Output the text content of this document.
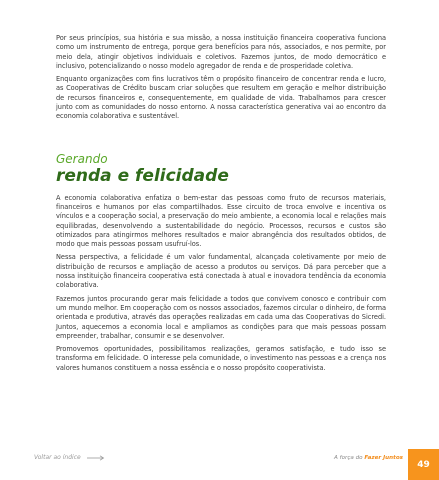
Por seus princípios, sua história e sua missão, a nossa instituição financeira cooperativa funciona como um instrumento de entrega, porque gera benefícios para nós, associados, e nos permite, por meio dela, atingir objetivos individuais e coletivos. Fazemos juntos, de modo democrático e inclusivo, potencializando o nosso modelo agregador de renda e de prosperidade coletiva.

Enquanto organizações com fins lucrativos têm o propósito financeiro de concentrar renda e lucro, as Cooperativas de Crédito buscam criar soluções que resultem em geração e melhor distribuição de recursos financeiros e, consequentemente, em qualidade de vida. Trabalhamos para crescer junto com as comunidades do nosso entorno. A nossa característica generativa vai ao encontro da economia colaborativa e sustentável.

Gerando
renda e felicidade

A economia colaborativa enfatiza o bem-estar das pessoas como fruto de recursos materiais, financeiros e humanos por elas compartilhados. Esse circuito de troca envolve e incentiva os vínculos e a cooperação social, a preservação do meio ambiente, a economia local e relações mais equilibradas, desenvolvendo a sustentabilidade do negócio. Processos, recursos e custos são otimizados para atingirmos melhores resultados e maior abrangência dos resultados obtidos, de modo que mais pessoas possam usufruí-los.

Nessa perspectiva, a felicidade é um valor fundamental, alcançada coletivamente por meio de distribuição de recursos e ampliação de acesso a produtos ou serviços. Dá para perceber que a nossa instituição financeira cooperativa está conectada à atual e inovadora tendência da economia colaborativa.

Fazemos juntos procurando gerar mais felicidade a todos que convivem conosco e contribuir com um mundo melhor. Em cooperação com os nossos associados, fazemos circular o dinheiro, de forma orientada e produtiva, através das operações realizadas em cada uma das Cooperativas do Sicredi. Juntos, aquecemos a economia local e ampliamos as condições para que mais pessoas possam empreender, trabalhar, consumir e se desenvolver.

Promovemos oportunidades, possibilitamos realizações, geramos satisfação, e tudo isso se transforma em felicidade. O interesse pela comunidade, o investimento nas pessoas e a crença nos valores humanos constituem a nossa essência e o nosso propósito cooperativista.

Voltar ao índice	A força do Fazer Juntos
49
